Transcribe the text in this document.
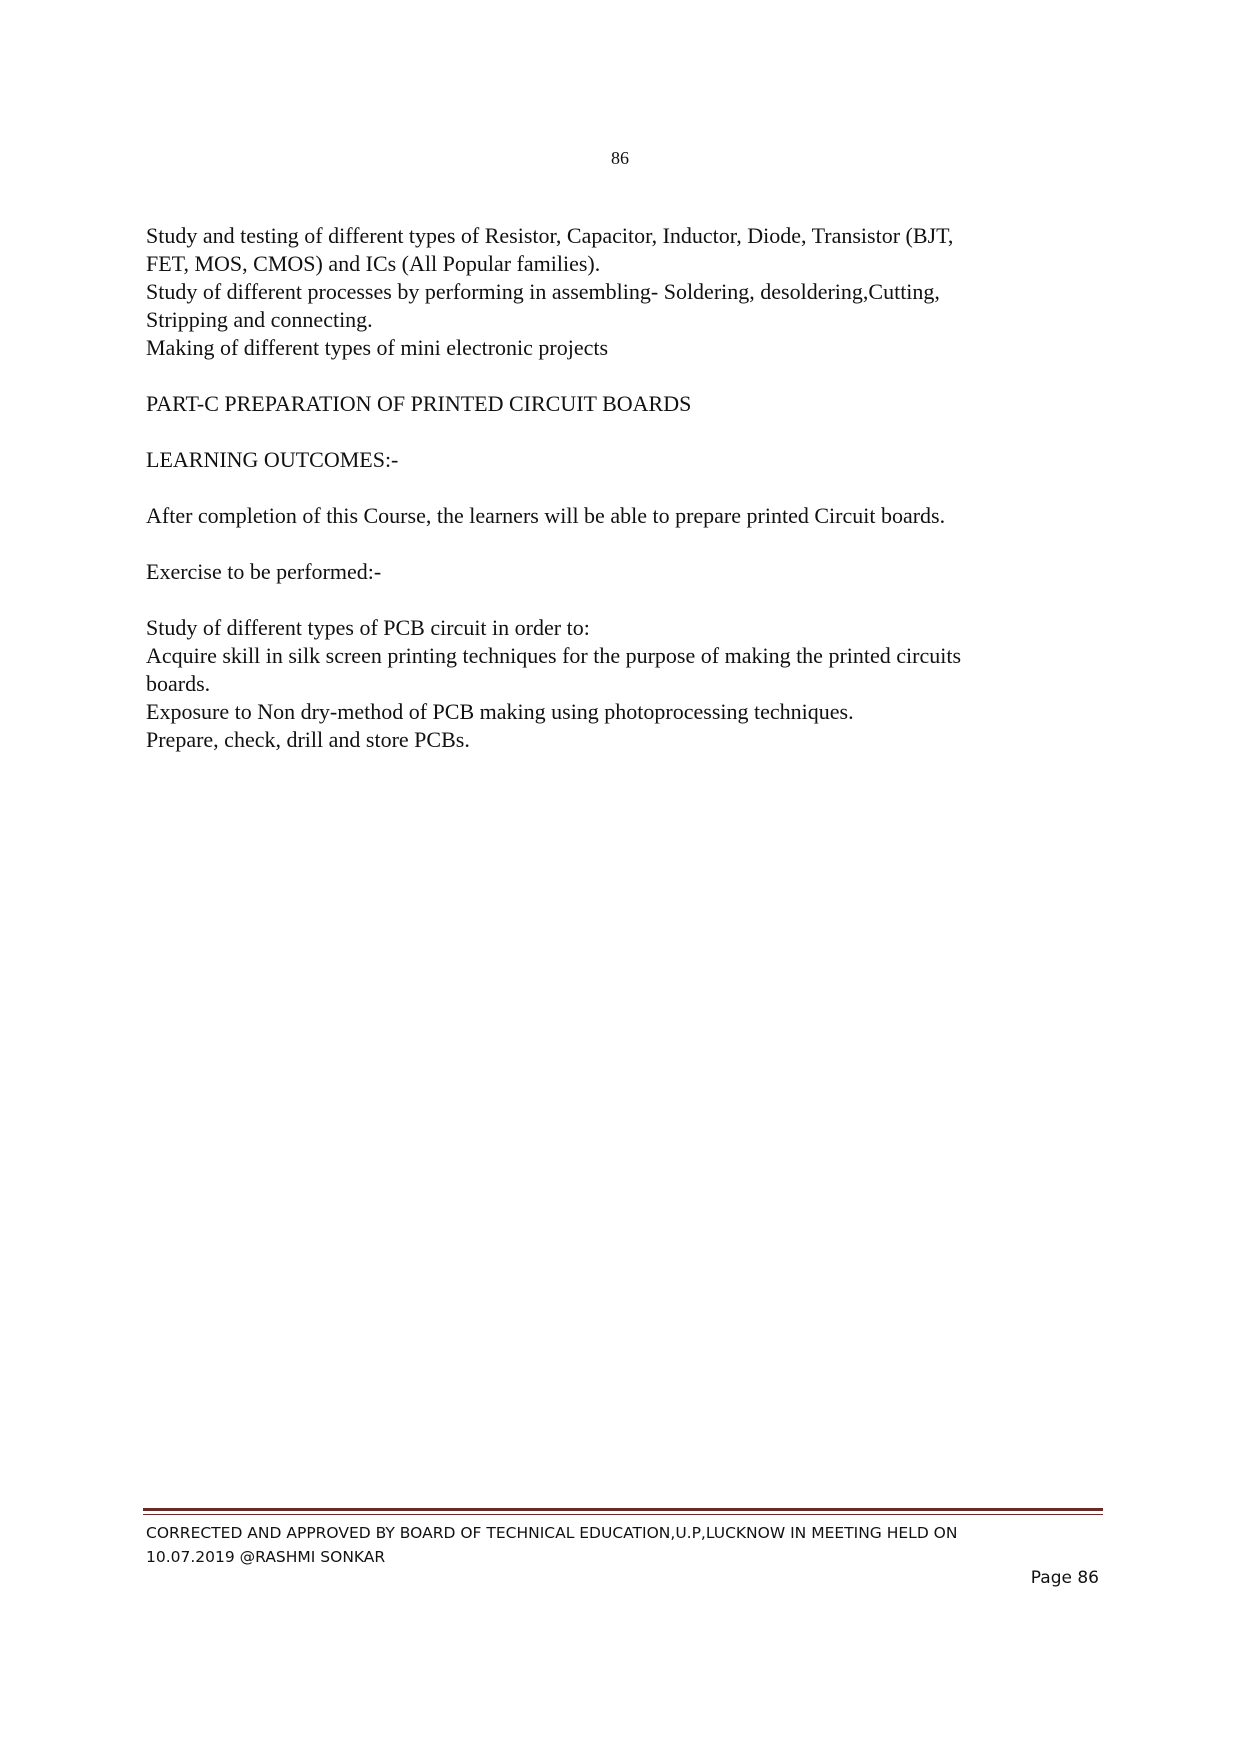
86

Study and testing of different types of Resistor, Capacitor, Inductor, Diode, Transistor (BJT,

FET, MOS, CMOS) and ICs (All Popular families).

Study of different processes by performing in assembling- Soldering, desoldering,Cutting,

Stripping and connecting.

Making of different types of mini electronic projects

PART-C PREPARATION OF PRINTED CIRCUIT BOARDS

LEARNING OUTCOMES:-

After completion of this Course, the learners will be able to prepare printed Circuit boards.

Exercise to be performed:-

Study of different types of PCB circuit in order to:

Acquire skill in silk screen printing techniques for the purpose of making the printed circuits

boards.

Exposure to Non dry-method of PCB making using photoprocessing techniques.

Prepare, check, drill and store PCBs.

CORRECTED AND APPROVED BY BOARD OF TECHNICAL EDUCATION,U.P,LUCKNOW IN MEETING HELD ON
10.07.2019 @RASHMI SONKAR
Page 86
